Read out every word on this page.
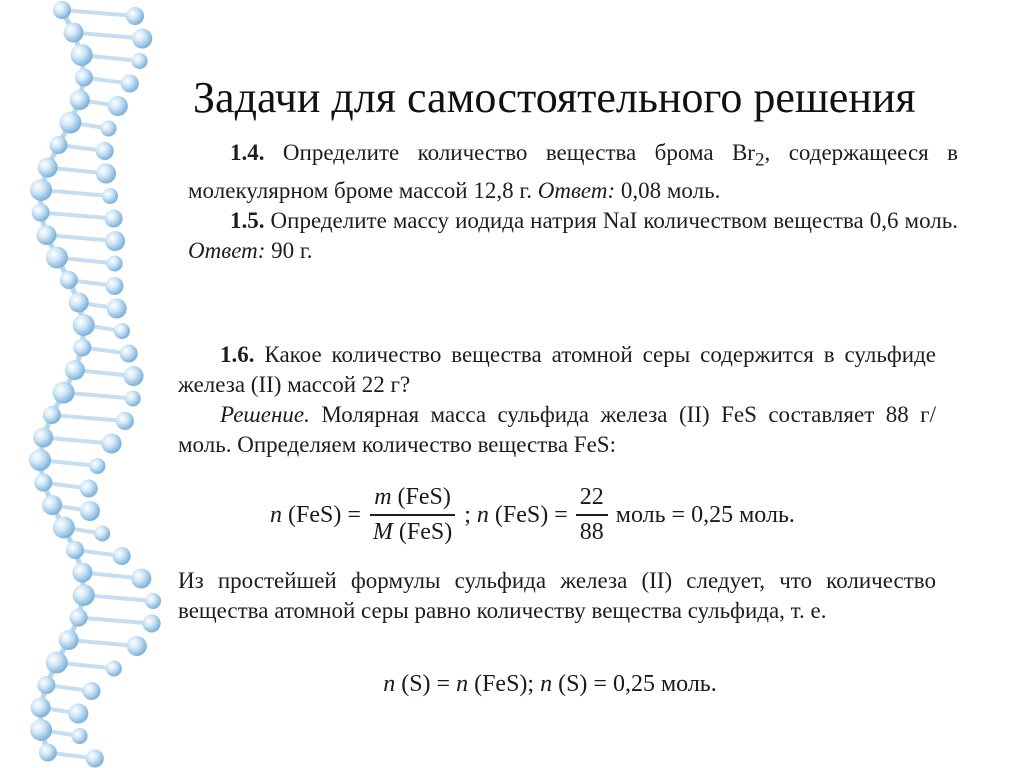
Задачи для самостоятельного решения

1.4. Определите количество вещества брома $Br_2$, содержащееся в молекулярном броме массой 12,8 г. Ответ: 0,08 моль.

1.5. Определите массу иодида натрия NaI количеством вещества 0,6 моль. Ответ: 90 г.

1.6. Какое количество вещества атомной серы содержится в сульфиде железа (II) массой 22 г?

Решение. Молярная масса сульфида железа (II) FeS составляет 88 г/моль. Определяем количество вещества FeS:

n
$(FeS) = \frac{\text{m (FeS)}}{\text{M (FeS)}}$ ;
n
$(FeS) = \frac{22}{88}$ моль = 0,25 моль.

Из простейшей формулы сульфида железа (II) следует, что количество вещества атомной серы равно количеству вещества сульфида, т. е.

n (S) = n (FeS); n (S) = 0,25 моль.
